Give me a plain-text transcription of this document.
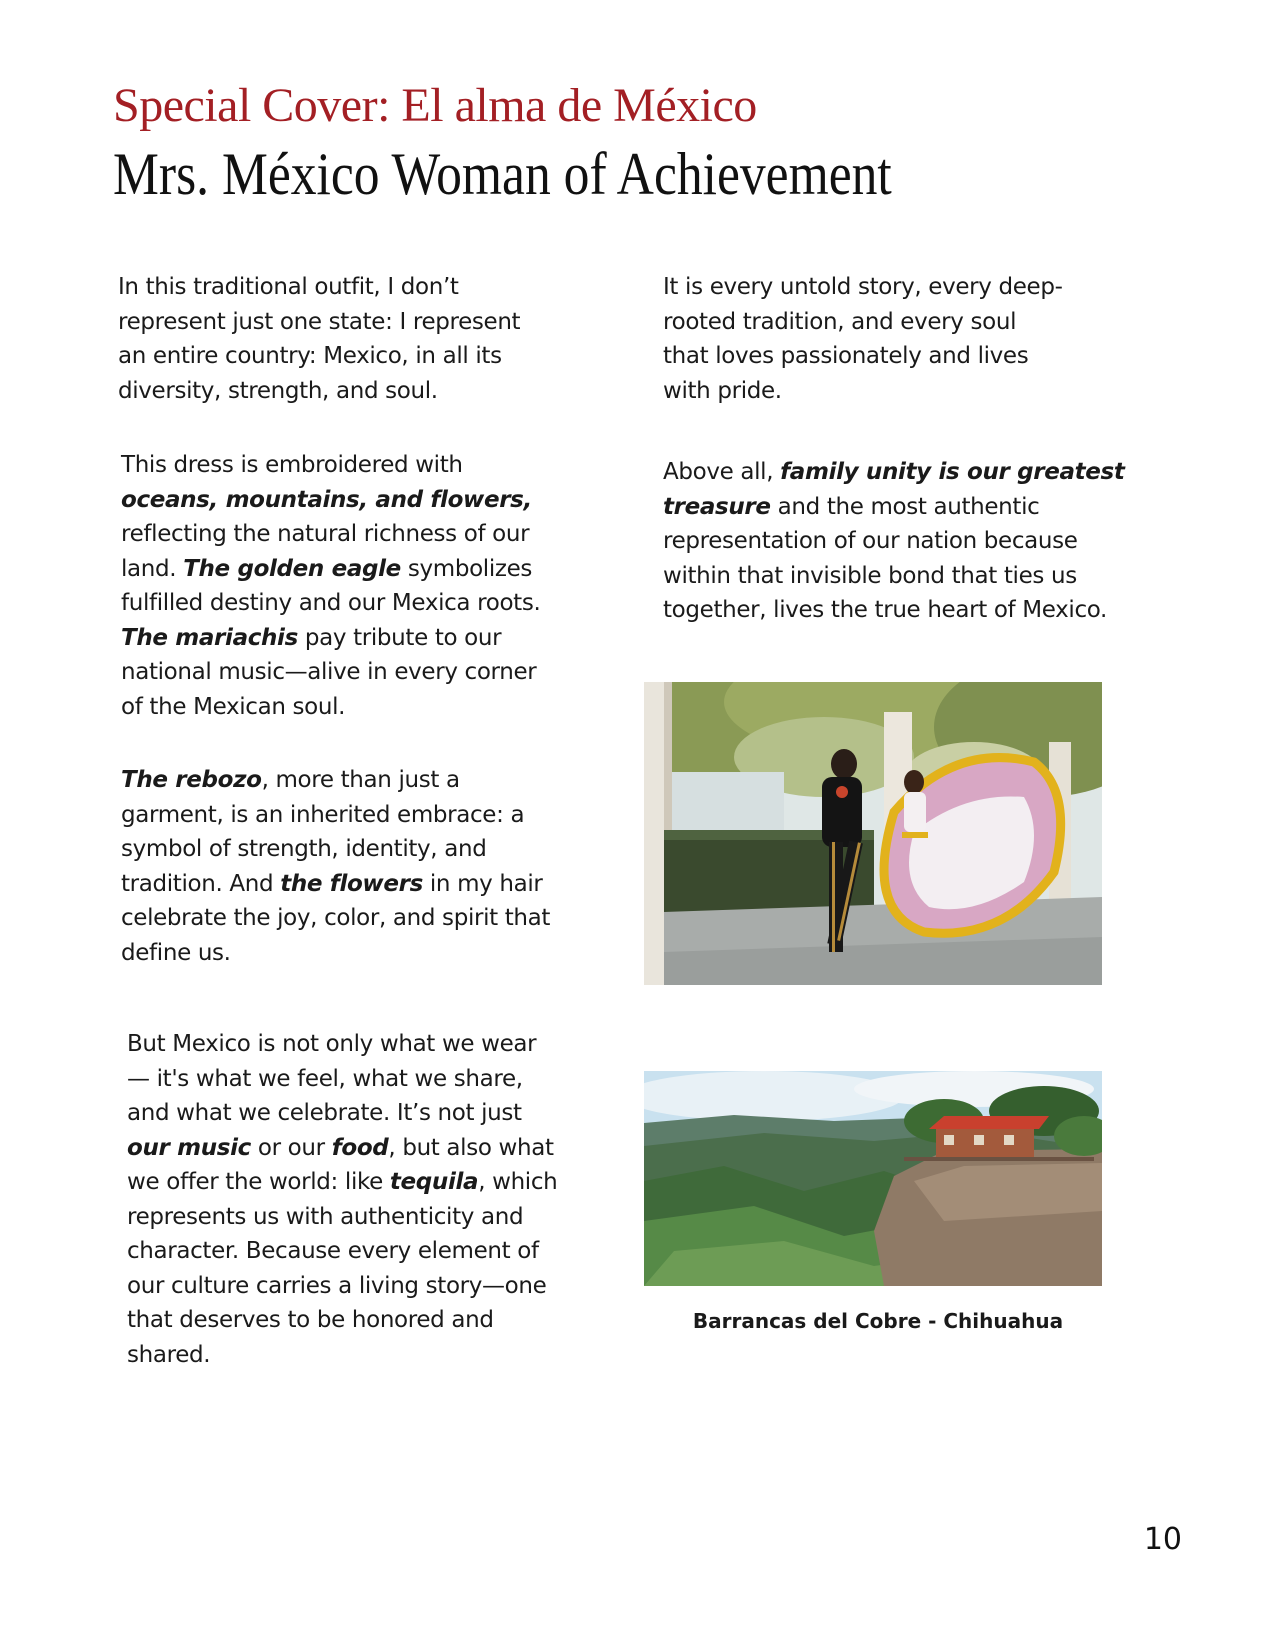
Special Cover: El alma de México
Mrs. México Woman of Achievement

In this traditional outfit, I don’t
represent just one state: I represent
an entire country: Mexico, in all its
diversity, strength, and soul.

This dress is embroidered with
oceans, mountains, and flowers,
reflecting the natural richness of our
land. The golden eagle symbolizes
fulfilled destiny and our Mexica roots.
The mariachis pay tribute to our
national music—alive in every corner
of the Mexican soul.

The rebozo, more than just a
garment, is an inherited embrace: a
symbol of strength, identity, and
tradition. And the flowers in my hair
celebrate the joy, color, and spirit that
define us.

But Mexico is not only what we wear
— it's what we feel, what we share,
and what we celebrate. It’s not just
our music or our food, but also what
we offer the world: like tequila, which
represents us with authenticity and
character. Because every element of
our culture carries a living story—one
that deserves to be honored and
shared.

It is every untold story, every deep-
rooted tradition, and every soul
that loves passionately and lives
with pride.

Above all, family unity is our greatest
treasure and the most authentic
representation of our nation because
within that invisible bond that ties us
together, lives the true heart of Mexico.

Barrancas del Cobre - Chihuahua

10
